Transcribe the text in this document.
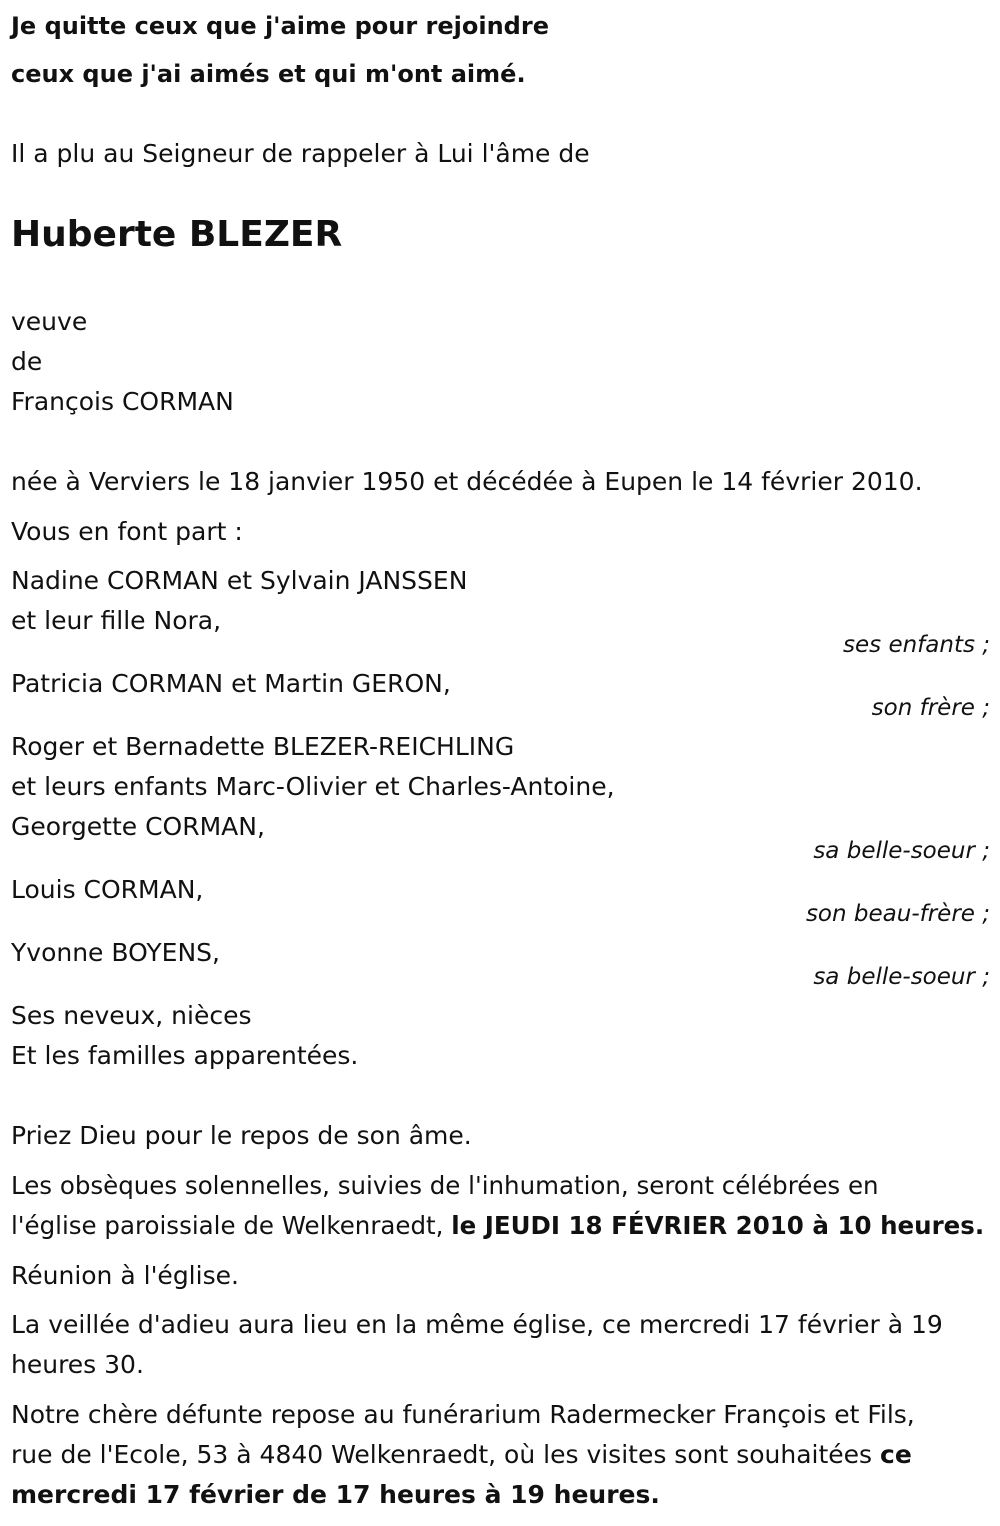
Je quitte ceux que j'aime pour rejoindre
ceux que j'ai aimés et qui m'ont aimé.
Il a plu au Seigneur de rappeler à Lui l'âme de
Huberte BLEZER
veuve
de
François CORMAN
née à Verviers le 18 janvier 1950 et décédée à Eupen le 14 février 2010.
Vous en font part :
Nadine CORMAN et Sylvain JANSSEN
et leur fille Nora,
ses enfants ;
Patricia CORMAN et Martin GERON,
son frère ;
Roger et Bernadette BLEZER-REICHLING
et leurs enfants Marc-Olivier et Charles-Antoine,
Georgette CORMAN,
sa belle-soeur ;
Louis CORMAN,
son beau-frère ;
Yvonne BOYENS,
sa belle-soeur ;
Ses neveux, nièces
Et les familles apparentées.
Priez Dieu pour le repos de son âme.
Les obsèques solennelles, suivies de l'inhumation, seront célébrées en
l'église paroissiale de Welkenraedt, le JEUDI 18 FÉVRIER 2010 à 10 heures.
Réunion à l'église.
La veillée d'adieu aura lieu en la même église, ce mercredi 17 février à 19
heures 30.
Notre chère défunte repose au funérarium Radermecker François et Fils,
rue de l'Ecole, 53 à 4840 Welkenraedt, où les visites sont souhaitées ce
mercredi 17 février de 17 heures à 19 heures.
